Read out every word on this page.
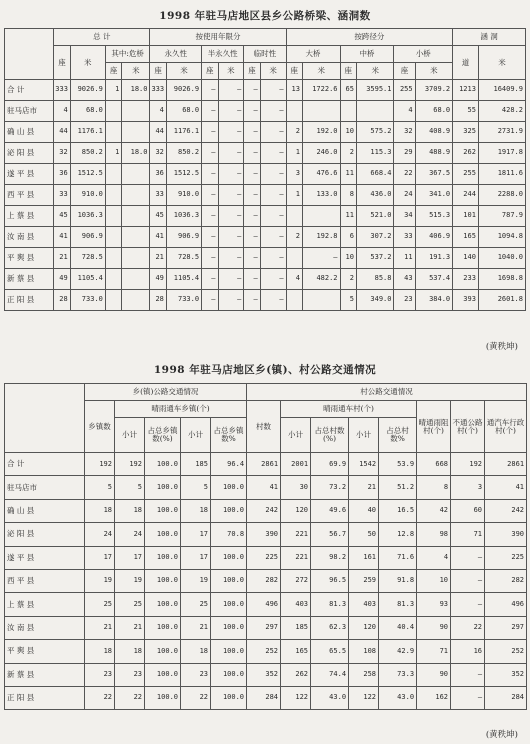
1998 年驻马店地区县乡公路桥梁、涵洞数
	总 计				按使用年限分						按跨径分						涵 洞	
	座	米	其中:危桥		永久性		半永久性		临时性		大桥		中桥		小桥		道	米
			座	米	座	米	座	米	座	米	座	米	座	米	座	米		
合 计	333	9026.9	1	18.0	333	9026.9	—	—	—	—	13	1722.6	65	3595.1	255	3709.2	1213	16409.9
驻马店市	4	68.0			4	68.0	—	—	—	—					4	68.0	55	428.2
确 山 县	44	1176.1			44	1176.1	—	—	—	—	2	192.0	10	575.2	32	408.9	325	2731.9
泌 阳 县	32	850.2	1	18.0	32	850.2	—	—	—	—	1	246.0	2	115.3	29	488.9	262	1917.8
遂 平 县	36	1512.5			36	1512.5	—	—	—	—	3	476.6	11	668.4	22	367.5	255	1811.6
西 平 县	33	910.0			33	910.0	—	—	—	—	1	133.0	8	436.0	24	341.0	244	2288.0
上 蔡 县	45	1036.3			45	1036.3	—	—	—	—			11	521.0	34	515.3	101	787.9
汝 南 县	41	906.9			41	906.9	—	—	—	—	2	192.8	6	307.2	33	406.9	165	1094.8
平 舆 县	21	728.5			21	728.5	—	—	—	—		—	10	537.2	11	191.3	140	1040.0
新 蔡 县	49	1105.4			49	1105.4	—	—	—	—	4	482.2	2	85.8	43	537.4	233	1698.8
正 阳 县	28	733.0			28	733.0	—	—	—	—			5	349.0	23	384.0	393	2601.8
(黄秩坤)
1998 年驻马店地区乡(镇)、村公路交通情况
	乡(镇)公路交通情况					村公路交通情况							
	乡镇数	晴雨通车乡镇(个)				村数	晴雨通车村(个)				晴通雨阻村(个)	不通公路村(个)	通汽车行政村(个)
		小计	占总乡镇数(%)	小计	占总乡镇数%		小计	占总村数(%)	小计	占总村数%			
合 计	192	192	100.0	185	96.4	2861	2001	69.9	1542	53.9	668	192	2861
驻马店市	5	5	100.0	5	100.0	41	30	73.2	21	51.2	8	3	41
确 山 县	18	18	100.0	18	100.0	242	120	49.6	40	16.5	42	60	242
泌 阳 县	24	24	100.0	17	70.8	390	221	56.7	50	12.8	98	71	390
遂 平 县	17	17	100.0	17	100.0	225	221	98.2	161	71.6	4	—	225
西 平 县	19	19	100.0	19	100.0	282	272	96.5	259	91.8	10	—	282
上 蔡 县	25	25	100.0	25	100.0	496	403	81.3	403	81.3	93	—	496
汝 南 县	21	21	100.0	21	100.0	297	185	62.3	120	40.4	90	22	297
平 舆 县	18	18	100.0	18	100.0	252	165	65.5	108	42.9	71	16	252
新 蔡 县	23	23	100.0	23	100.0	352	262	74.4	258	73.3	90	—	352
正 阳 县	22	22	100.0	22	100.0	284	122	43.0	122	43.0	162	—	284
(黄秩坤)
